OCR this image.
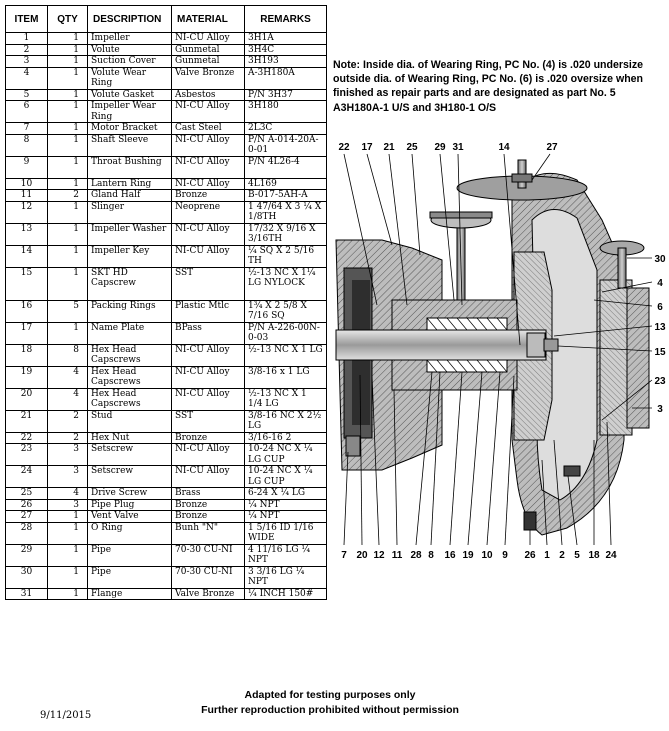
ITEM	QTY	DESCRIPTION	MATERIAL	REMARKS
1	1	Impeller	NI-CU Alloy	3H1A
2	1	Volute	Gunmetal	3H4C
3	1	Suction Cover	Gunmetal	3H193
4	1	Volute Wear Ring	Valve Bronze	A-3H180A
5	1	Volute Gasket	Asbestos	P/N 3H37
6	1	Impeller Wear Ring	NI-CU Alloy	3H180
7	1	Motor Bracket	Cast Steel	2L3C
8	1	Shaft Sleeve	NI-CU Alloy	P/N A-014-20A-0-01
9	1	Throat Bushing	NI-CU Alloy	P/N 4L26-4
10	1	Lantern Ring	NI-CU Alloy	4L169
11	2	Gland Half	Bronze	B-017-5AH-A
12	1	Slinger	Neoprene	1 47/64 X 3 ¼ X 1/8TH
13	1	Impeller Washer	NI-CU Alloy	17/32 X 9/16 X 3/16TH
14	1	Impeller Key	NI-CU Alloy	¼ SQ X 2 5/16 TH
15	1	SKT HD Capscrew	SST	½-13 NC X 1¼ LG NYLOCK
16	5	Packing Rings	Plastic Mtlc	1¾ X 2 5/8 X 7/16 SQ
17	1	Name Plate	BPass	P/N A-226-00N-0-03
18	8	Hex Head Capscrews	NI-CU Alloy	½-13 NC X 1 LG
19	4	Hex Head Capscrews	NI-CU Alloy	3/8-16 x 1 LG
20	4	Hex Head Capscrews	NI-CU Alloy	½-13 NC X 1 1/4 LG
21	2	Stud	SST	3/8-16 NC X 2½ LG
22	2	Hex Nut	Bronze	3/16-16 2
23	3	Setscrew	NI-CU Alloy	10-24 NC X ¼ LG CUP
24	3	Setscrew	NI-CU Alloy	10-24 NC X ¼ LG CUP
25	4	Drive Screw	Brass	6-24 X ¼ LG
26	3	Pipe Plug	Bronze	¼ NPT
27	1	Vent Valve	Bronze	¼ NPT
28	1	O Ring	Bunh "N"	1 5/16 ID 1/16 WIDE
29	1	Pipe	70-30 CU-NI	4 11/16 LG ¼ NPT
30	1	Pipe	70-30 CU-NI	3 3/16 LG ¼ NPT
31	1	Flange	Valve Bronze	¼ INCH 150#
Note: Inside dia. of Wearing Ring, PC No. (4) is .020 undersize outside dia. of Wearing Ring, PC No. (6) is .020 oversize when finished as repair parts and are designated as part No. 5 A3H180A-1 U/S and 3H180-1 O/S
22 17 21 25 29 31	14	27
30
4
6
13
15
23
3
7 20 12 11 28 8 16 19 10 9 26 1 2 5 18 24
Adapted for testing purposes only
Further reproduction prohibited without permission
9/11/2015
